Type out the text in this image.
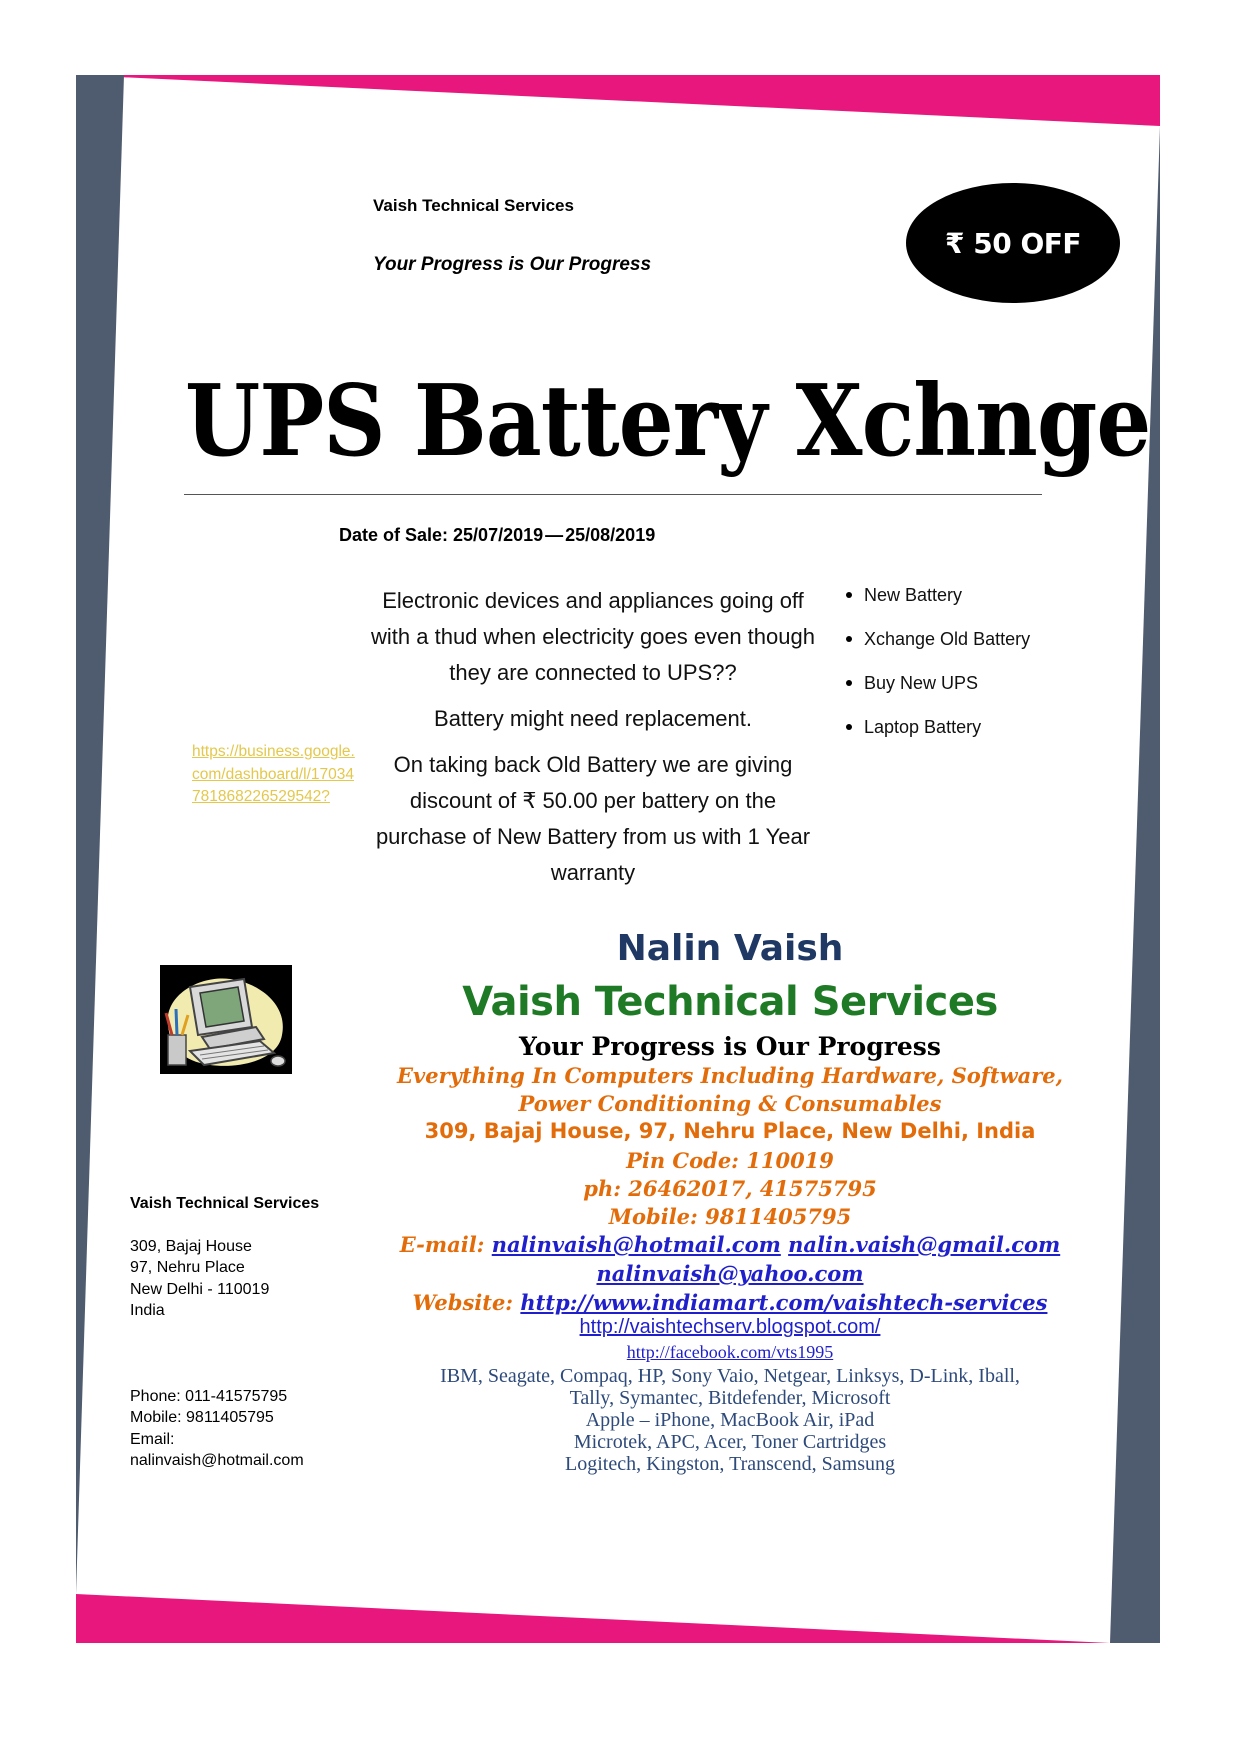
Vaish Technical Services
Your Progress is Our Progress
₹ 50 OFF
UPS Battery Xchnge
Date of Sale: 25/07/2019 — 25/08/2019

Electronic devices and appliances going off with a thud when electricity goes even though they are connected to UPS??

Battery might need replacement.

On taking back Old Battery we are giving discount of ₹ 50.00 per battery on the purchase of New Battery from us with 1 Year warranty

New Battery
Xchange Old Battery
Buy New UPS
Laptop Battery
https://business.google.com/dashboard/l/17034781868226529542?
Vaish Technical Services
309, Bajaj House
97, Nehru Place
New Delhi - 110019
India
Phone: 011-41575795
Mobile: 9811405795
Email:
nalinvaish@hotmail.com
Nalin Vaish
Vaish Technical Services
Your Progress is Our Progress
Everything In Computers Including Hardware, Software,
Power Conditioning & Consumables
309, Bajaj House, 97, Nehru Place, New Delhi, India
Pin Code: 110019
ph: 26462017, 41575795
Mobile: 9811405795
E-mail: nalinvaish@hotmail.com nalin.vaish@gmail.com
nalinvaish@yahoo.com
Website: http://www.indiamart.com/vaishtech-services
http://vaishtechserv.blogspot.com/
http://facebook.com/vts1995
IBM, Seagate, Compaq, HP, Sony Vaio, Netgear, Linksys, D-Link, Iball,
Tally, Symantec, Bitdefender, Microsoft
Apple – iPhone, MacBook Air, iPad
Microtek, APC, Acer, Toner Cartridges
Logitech, Kingston, Transcend, Samsung
